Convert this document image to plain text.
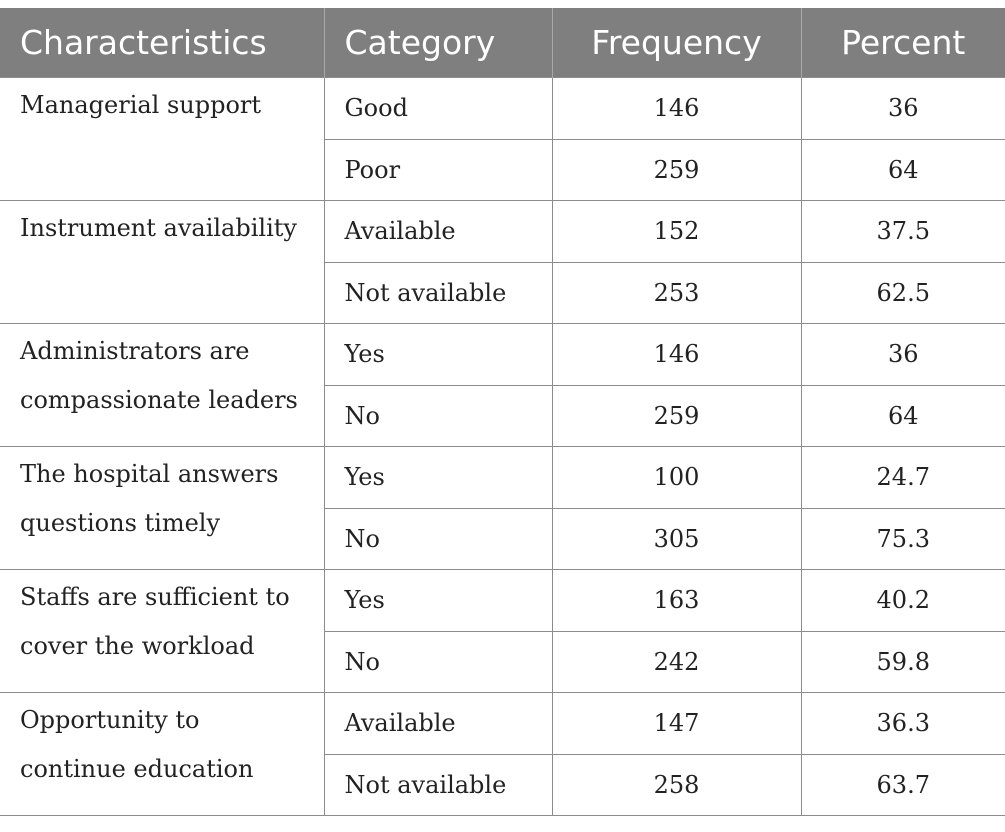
Characteristics	Category	Frequency	Percent

Managerial support	Good	146	36
	Poor	259	64

Instrument availability	Available	152	37.5
	Not available	253	62.5

Administrators are compassionate leaders	Yes	146	36
	No	259	64

The hospital answers questions timely	Yes	100	24.7
	No	305	75.3

Staffs are sufficient to cover the workload	Yes	163	40.2
	No	242	59.8

Opportunity to continue education	Available	147	36.3
	Not available	258	63.7
